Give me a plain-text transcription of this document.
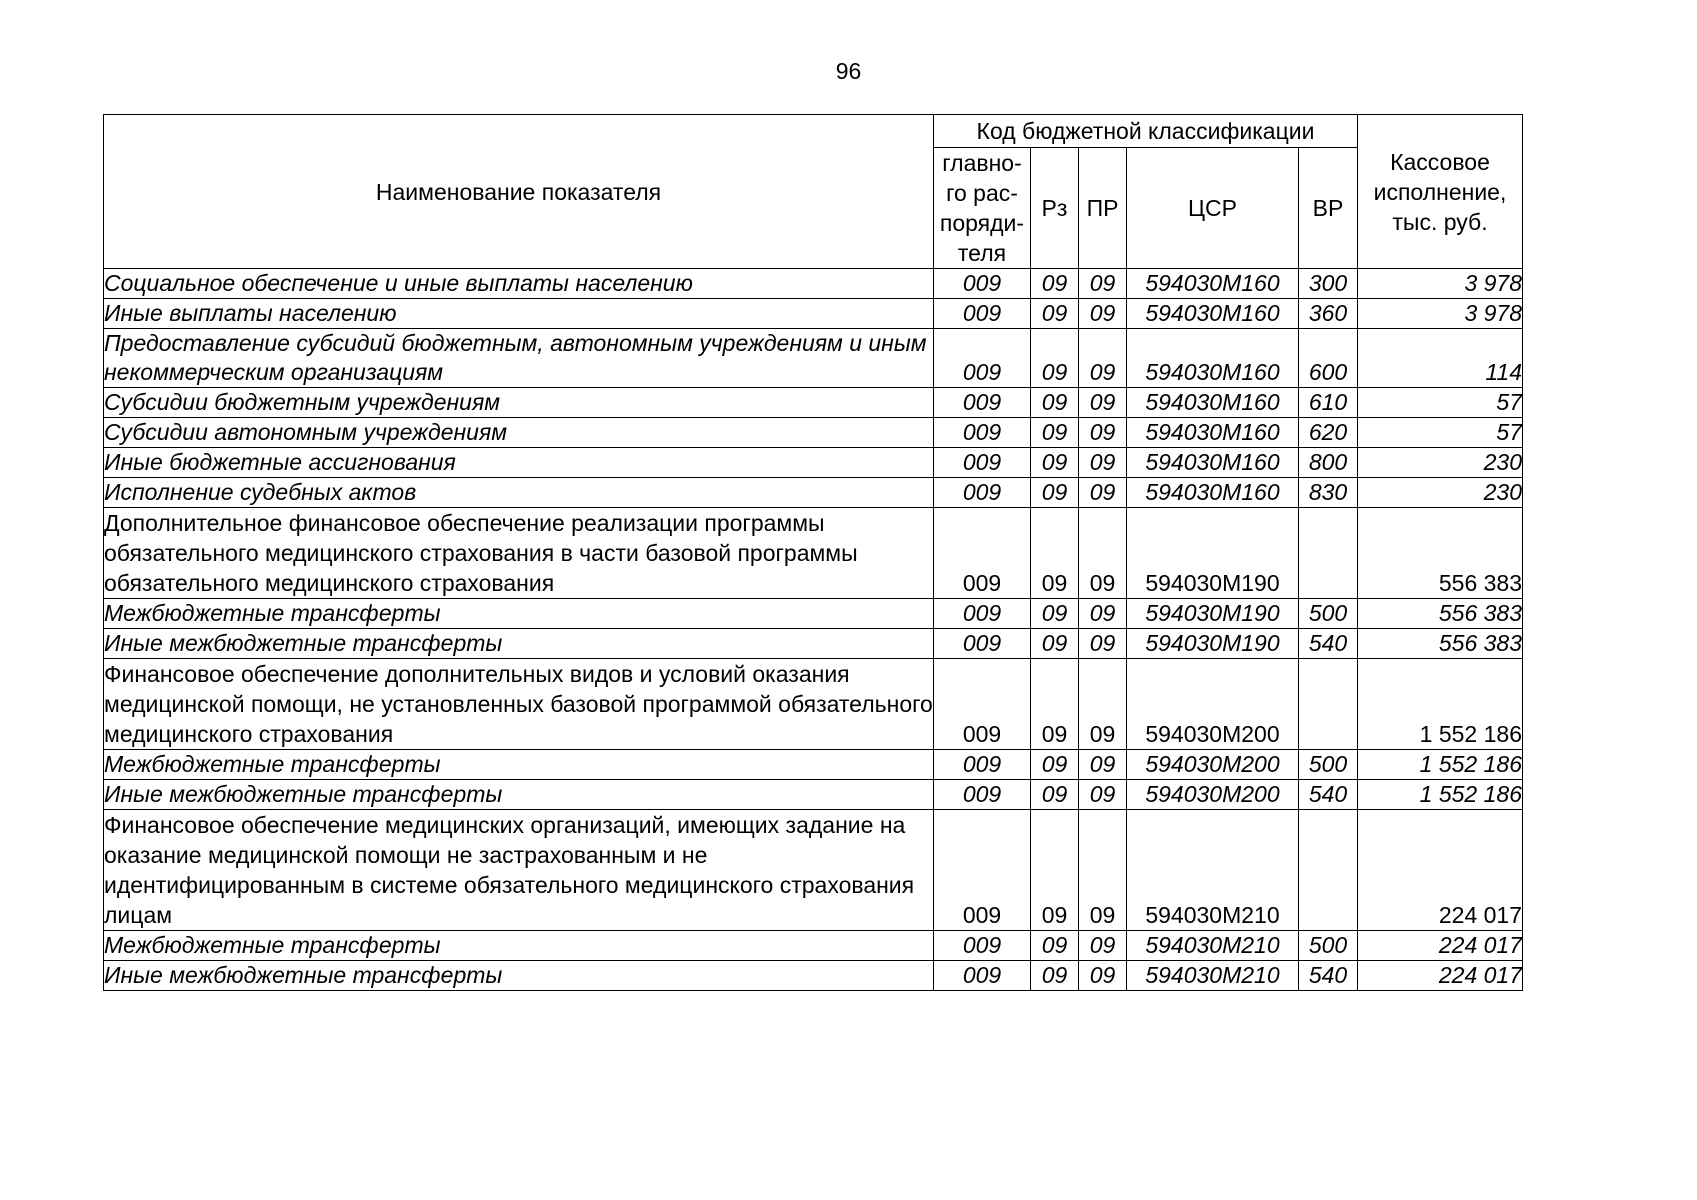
96
Наименование показателя	Код бюджетной классификации					Кассовое исполнение, тыс. руб.
	главно-го рас-поряди-теля	Рз	ПР	ЦСР	ВР	
Социальное обеспечение и иные выплаты населению	009	09	09	594030М160	300	3 978
Иные выплаты населению	009	09	09	594030М160	360	3 978
Предоставление субсидий бюджетным, автономным учреждениям и иным некоммерческим организациям	009	09	09	594030М160	600	114
Субсидии бюджетным учреждениям	009	09	09	594030М160	610	57
Субсидии автономным учреждениям	009	09	09	594030М160	620	57
Иные бюджетные ассигнования	009	09	09	594030М160	800	230
Исполнение судебных актов	009	09	09	594030М160	830	230
Дополнительное финансовое обеспечение реализации программы обязательного медицинского страхования в части базовой программы обязательного медицинского страхования	009	09	09	594030М190		556 383
Межбюджетные трансферты	009	09	09	594030М190	500	556 383
Иные межбюджетные трансферты	009	09	09	594030М190	540	556 383
Финансовое обеспечение дополнительных видов и условий оказания медицинской помощи, не установленных базовой программой обязательного медицинского страхования	009	09	09	594030М200		1 552 186
Межбюджетные трансферты	009	09	09	594030М200	500	1 552 186
Иные межбюджетные трансферты	009	09	09	594030М200	540	1 552 186
Финансовое обеспечение медицинских организаций, имеющих задание на оказание медицинской помощи не застрахованным и не идентифицированным в системе обязательного медицинского страхования лицам	009	09	09	594030М210		224 017
Межбюджетные трансферты	009	09	09	594030М210	500	224 017
Иные межбюджетные трансферты	009	09	09	594030М210	540	224 017
